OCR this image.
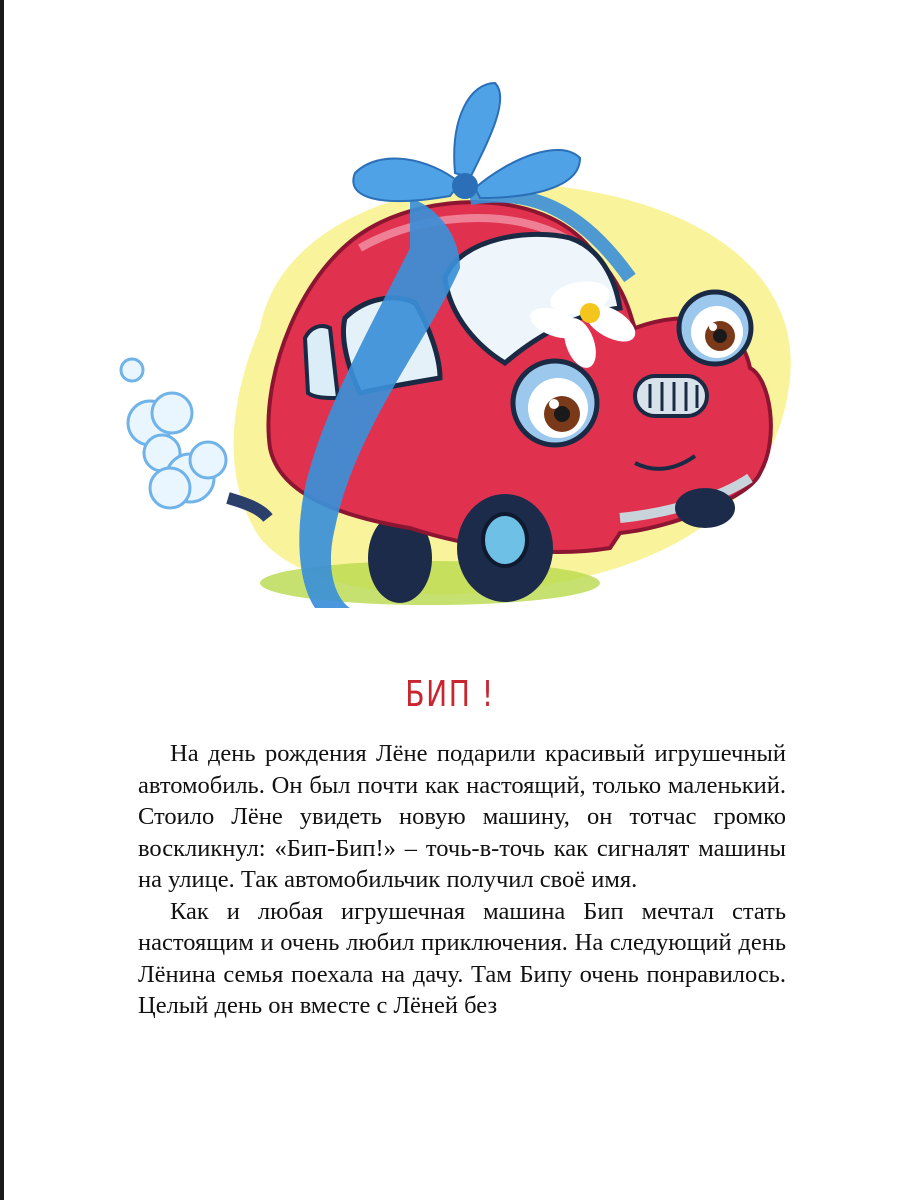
БИП !

На день рождения Лёне подарили красивый игрушечный автомобиль. Он был почти как настоящий, только маленький. Стоило Лёне увидеть новую машину, он тотчас громко воскликнул: «Бип-Бип!» – точь-в-точь как сигналят машины на улице. Так автомобильчик получил своё имя.

Как и любая игрушечная машина Бип мечтал стать настоящим и очень любил приключения. На следующий день Лёнина семья поехала на дачу. Там Бипу очень понравилось. Целый день он вместе с Лёней без
